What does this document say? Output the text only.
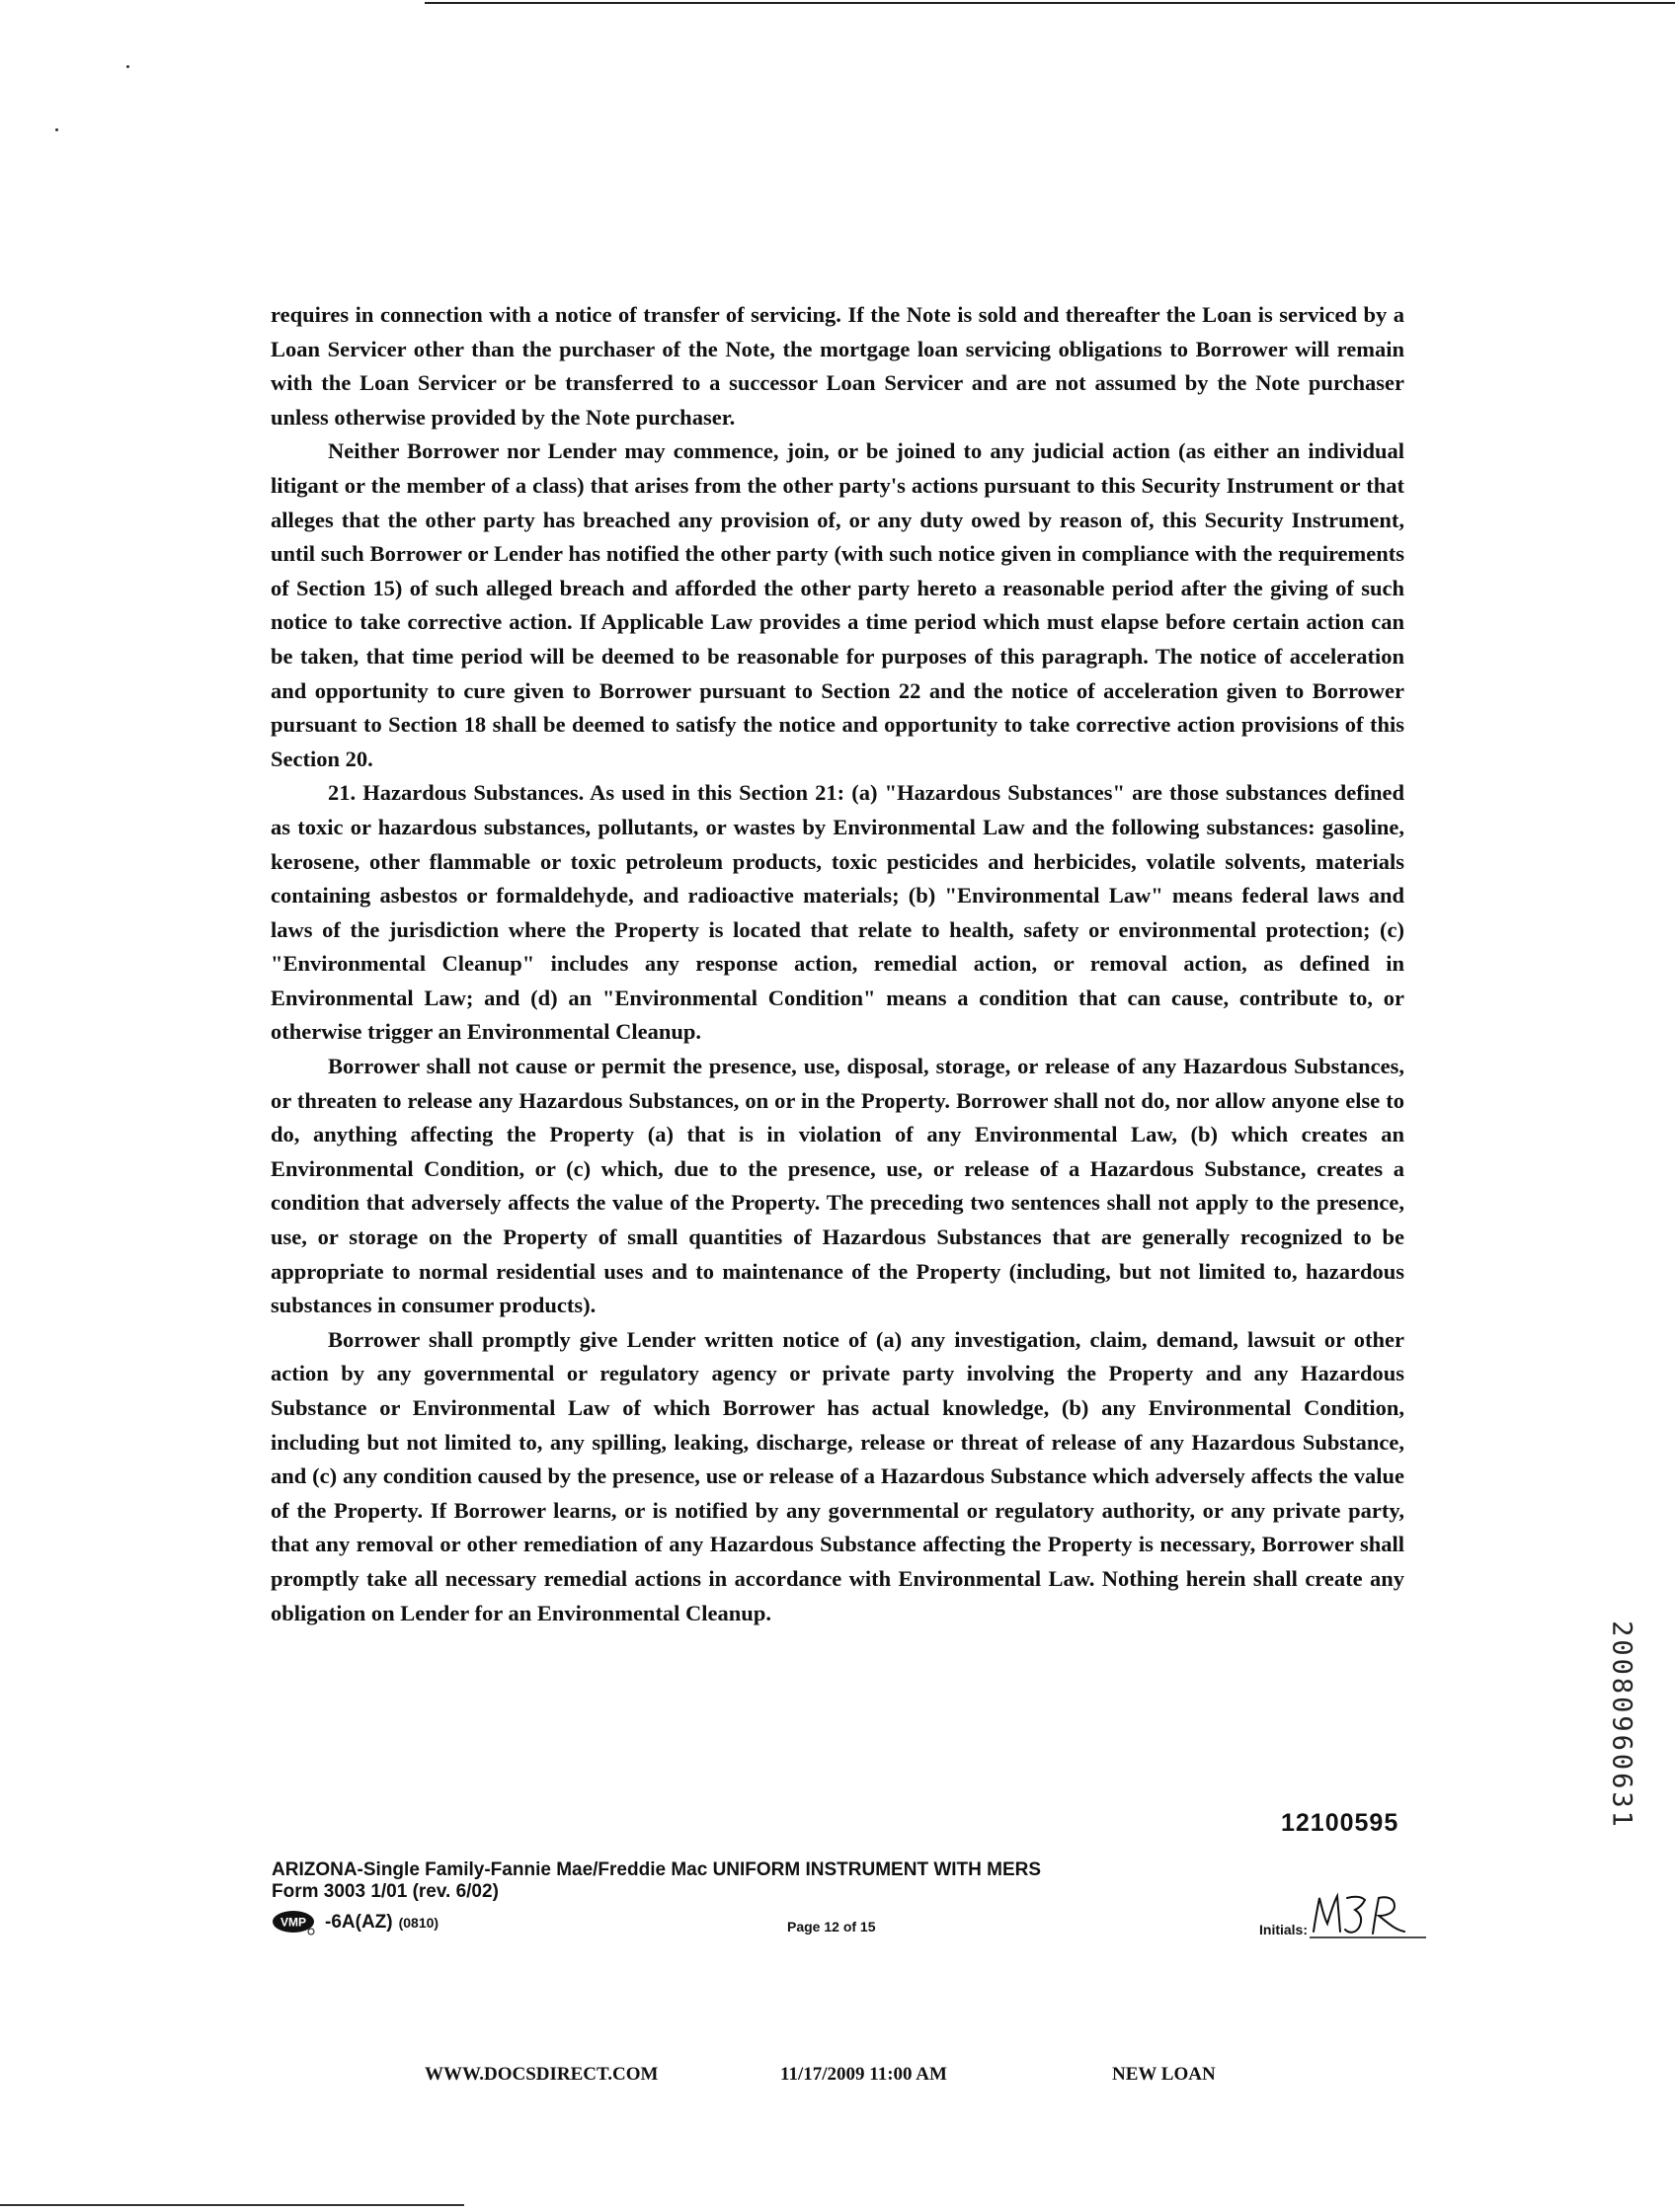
requires in connection with a notice of transfer of servicing. If the Note is sold and thereafter the Loan is serviced by a Loan Servicer other than the purchaser of the Note, the mortgage loan servicing obligations to Borrower will remain with the Loan Servicer or be transferred to a successor Loan Servicer and are not assumed by the Note purchaser unless otherwise provided by the Note purchaser.

Neither Borrower nor Lender may commence, join, or be joined to any judicial action (as either an individual litigant or the member of a class) that arises from the other party's actions pursuant to this Security Instrument or that alleges that the other party has breached any provision of, or any duty owed by reason of, this Security Instrument, until such Borrower or Lender has notified the other party (with such notice given in compliance with the requirements of Section 15) of such alleged breach and afforded the other party hereto a reasonable period after the giving of such notice to take corrective action. If Applicable Law provides a time period which must elapse before certain action can be taken, that time period will be deemed to be reasonable for purposes of this paragraph. The notice of acceleration and opportunity to cure given to Borrower pursuant to Section 22 and the notice of acceleration given to Borrower pursuant to Section 18 shall be deemed to satisfy the notice and opportunity to take corrective action provisions of this Section 20.

21. Hazardous Substances. As used in this Section 21: (a) "Hazardous Substances" are those substances defined as toxic or hazardous substances, pollutants, or wastes by Environmental Law and the following substances: gasoline, kerosene, other flammable or toxic petroleum products, toxic pesticides and herbicides, volatile solvents, materials containing asbestos or formaldehyde, and radioactive materials; (b) "Environmental Law" means federal laws and laws of the jurisdiction where the Property is located that relate to health, safety or environmental protection; (c) "Environmental Cleanup" includes any response action, remedial action, or removal action, as defined in Environmental Law; and (d) an "Environmental Condition" means a condition that can cause, contribute to, or otherwise trigger an Environmental Cleanup.

Borrower shall not cause or permit the presence, use, disposal, storage, or release of any Hazardous Substances, or threaten to release any Hazardous Substances, on or in the Property. Borrower shall not do, nor allow anyone else to do, anything affecting the Property (a) that is in violation of any Environmental Law, (b) which creates an Environmental Condition, or (c) which, due to the presence, use, or release of a Hazardous Substance, creates a condition that adversely affects the value of the Property. The preceding two sentences shall not apply to the presence, use, or storage on the Property of small quantities of Hazardous Substances that are generally recognized to be appropriate to normal residential uses and to maintenance of the Property (including, but not limited to, hazardous substances in consumer products).

Borrower shall promptly give Lender written notice of (a) any investigation, claim, demand, lawsuit or other action by any governmental or regulatory agency or private party involving the Property and any Hazardous Substance or Environmental Law of which Borrower has actual knowledge, (b) any Environmental Condition, including but not limited to, any spilling, leaking, discharge, release or threat of release of any Hazardous Substance, and (c) any condition caused by the presence, use or release of a Hazardous Substance which adversely affects the value of the Property. If Borrower learns, or is notified by any governmental or regulatory authority, or any private party, that any removal or other remediation of any Hazardous Substance affecting the Property is necessary, Borrower shall promptly take all necessary remedial actions in accordance with Environmental Law. Nothing herein shall create any obligation on Lender for an Environmental Cleanup.

12100595
ARIZONA-Single Family-Fannie Mae/Freddie Mac UNIFORM INSTRUMENT WITH MERS
Form 3003 1/01 (rev. 6/02)
VMP -6A(AZ) (0810)	Page 12 of 15	Initials:
WWW.DOCSDIRECT.COM	11/17/2009 11:00 AM	NEW LOAN
20080960631
